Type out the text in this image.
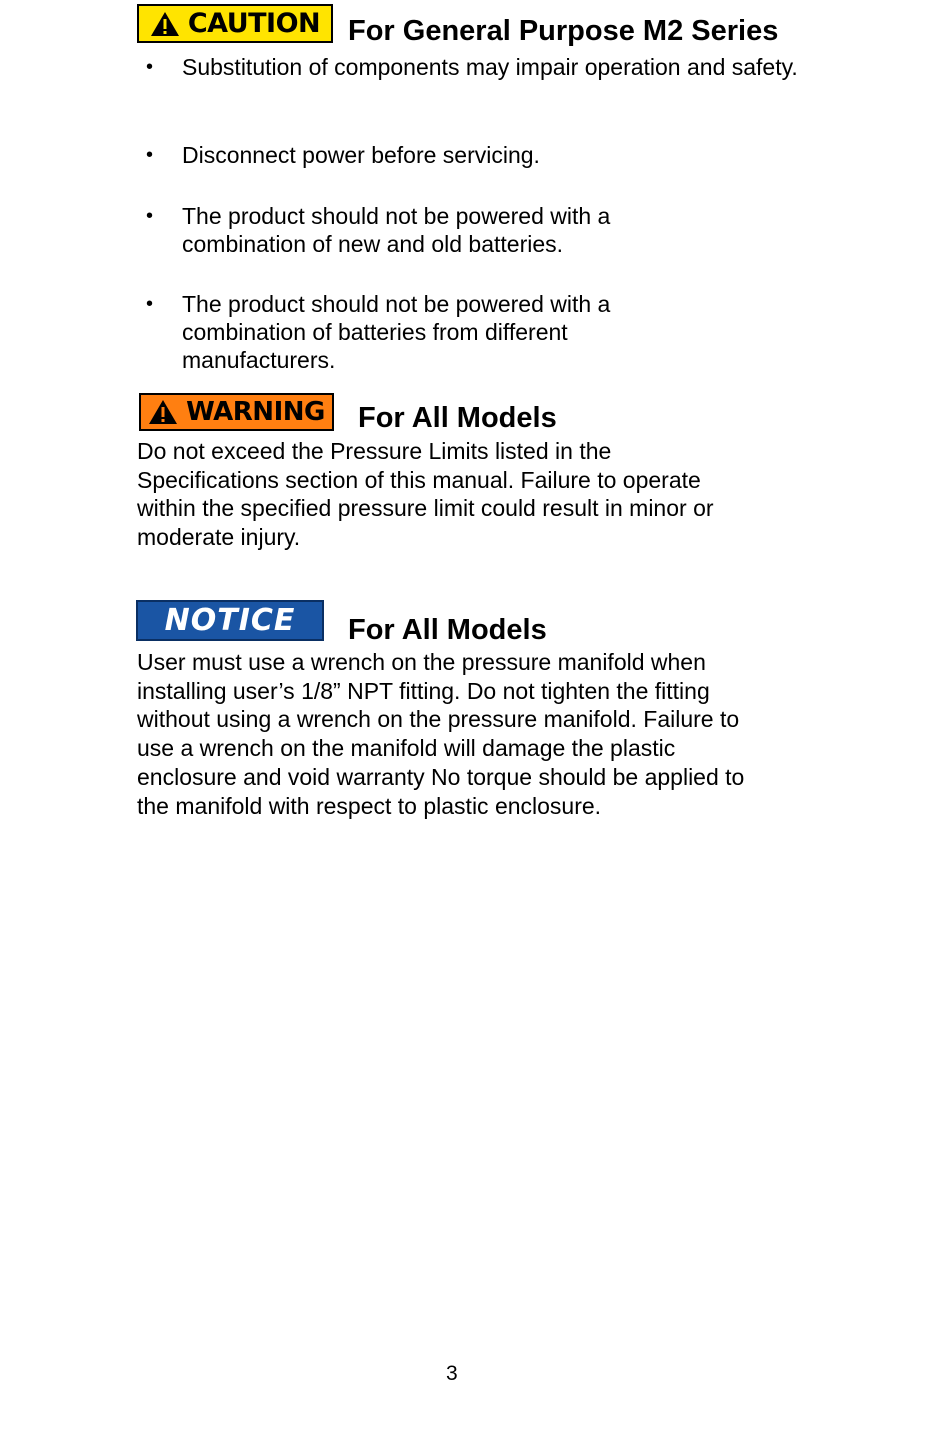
CAUTION For General Purpose M2 Series
• Substitution of components may impair operation and safety.
• Disconnect power before servicing.
• The product should not be powered with a combination of new and old batteries.
• The product should not be powered with a combination of batteries from different manufacturers.
WARNING For All Models
Do not exceed the Pressure Limits listed in the
Specifications section of this manual. Failure to operate
within the specified pressure limit could result in minor or
moderate injury.
NOTICE For All Models
User must use a wrench on the pressure manifold when
installing user’s 1/8” NPT fitting. Do not tighten the fitting
without using a wrench on the pressure manifold. Failure to
use a wrench on the manifold will damage the plastic
enclosure and void warranty No torque should be applied to
the manifold with respect to plastic enclosure.
3
